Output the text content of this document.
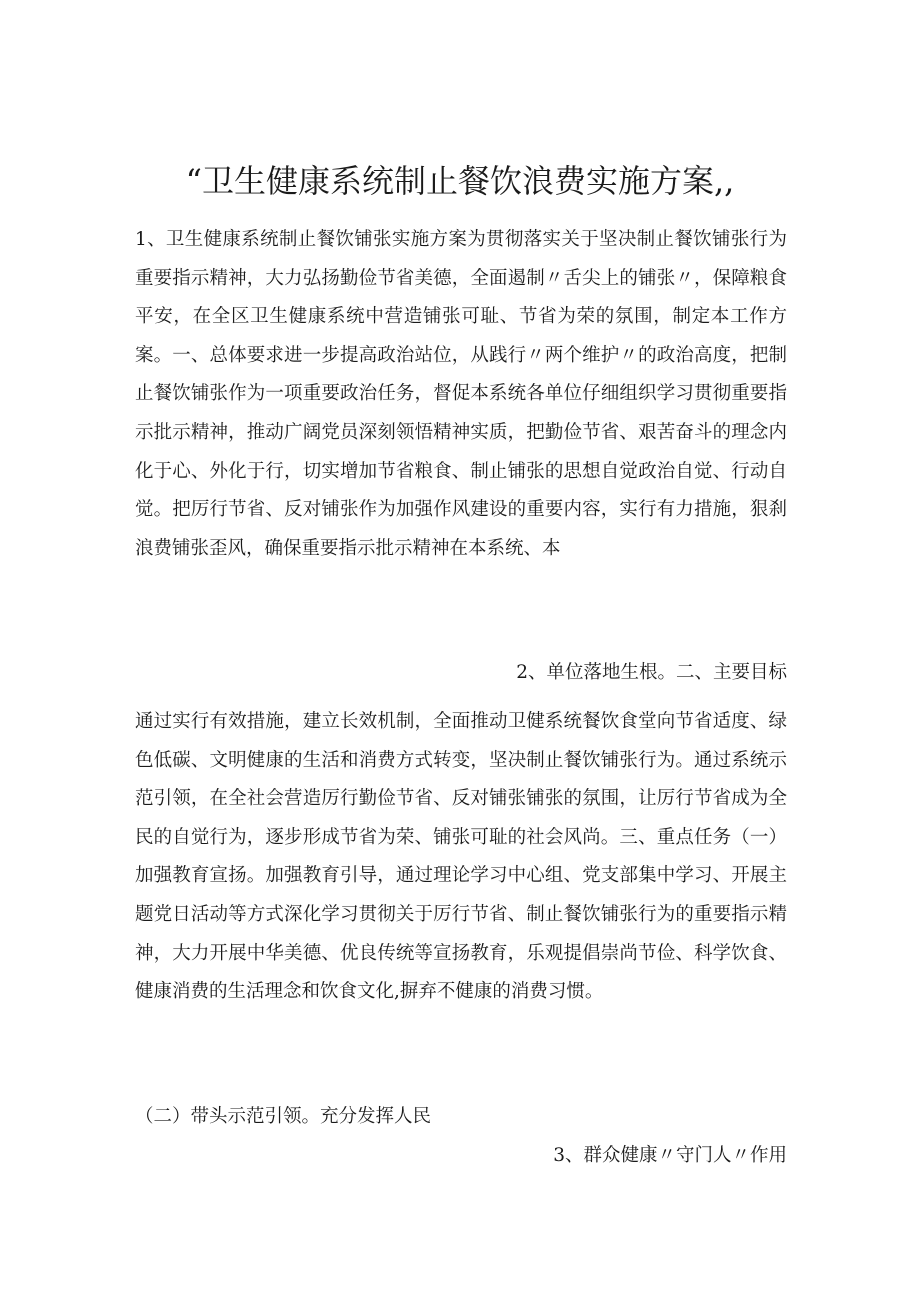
“卫生健康系统制止餐饮浪费实施方案,,

1、卫生健康系统制止餐饮铺张实施方案为贯彻落实关于坚决制止餐饮铺张行为重要指示精神，大力弘扬勤俭节省美德，全面遏制〃舌尖上的铺张〃，保障粮食平安，在全区卫生健康系统中营造铺张可耻、节省为荣的氛围，制定本工作方案。一、总体要求进一步提高政治站位，从践行〃两个维护〃的政治高度，把制止餐饮铺张作为一项重要政治任务，督促本系统各单位仔细组织学习贯彻重要指示批示精神，推动广阔党员深刻领悟精神实质，把勤俭节省、艰苦奋斗的理念内化于心、外化于行，切实增加节省粮食、制止铺张的思想自觉政治自觉、行动自觉。把厉行节省、反对铺张作为加强作风建设的重要内容，实行有力措施，狠刹浪费铺张歪风，确保重要指示批示精神在本系统、本

2、单位落地生根。二、主要目标

通过实行有效措施，建立长效机制，全面推动卫健系统餐饮食堂向节省适度、绿色低碳、文明健康的生活和消费方式转变，坚决制止餐饮铺张行为。通过系统示范引领，在全社会营造厉行勤俭节省、反对铺张铺张的氛围，让厉行节省成为全民的自觉行为，逐步形成节省为荣、铺张可耻的社会风尚。三、重点任务（一）加强教育宣扬。加强教育引导，通过理论学习中心组、党支部集中学习、开展主题党日活动等方式深化学习贯彻关于厉行节省、制止餐饮铺张行为的重要指示精神，大力开展中华美德、优良传统等宣扬教育，乐观提倡崇尚节俭、科学饮食、健康消费的生活理念和饮食文化,摒弃不健康的消费习惯。

（二）带头示范引领。充分发挥人民

3、群众健康〃守门人〃作用
